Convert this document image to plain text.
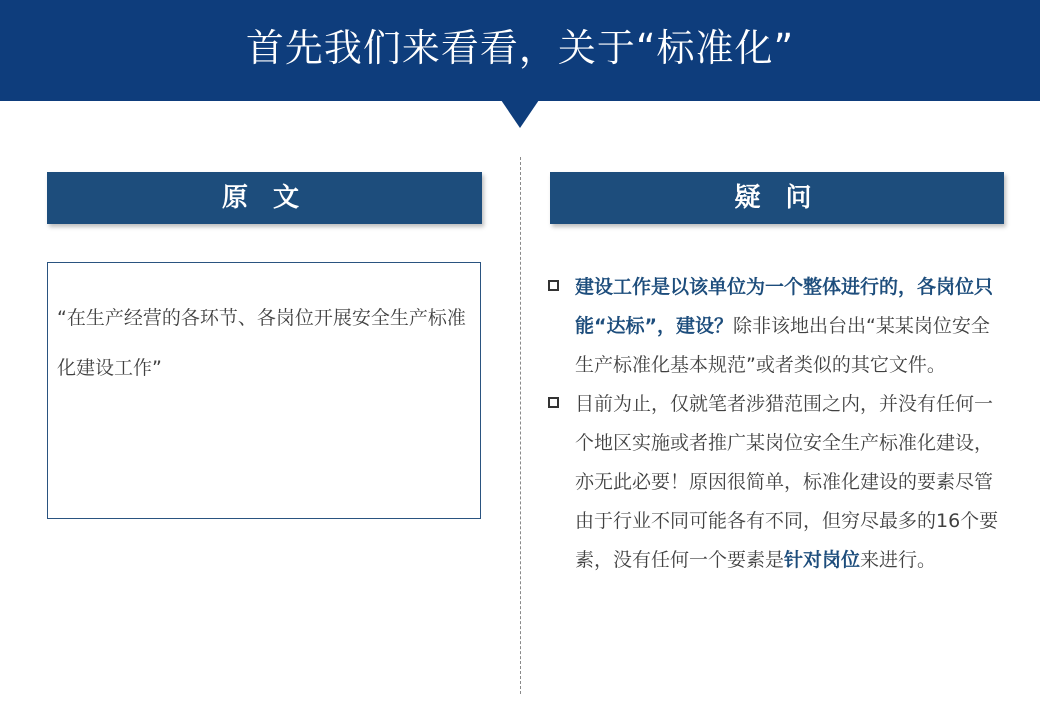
首先我们来看看，关于“标准化”
原 文	疑 问
“在生产经营的各环节、各岗位开展安全生产标准化建设工作”
建设工作是以该单位为一个整体进行的，各岗位只能“达标”，建设？除非该地出台出“某某岗位安全生产标准化基本规范”或者类似的其它文件。
目前为止，仅就笔者涉猎范围之内，并没有任何一个地区实施或者推广某岗位安全生产标准化建设，亦无此必要！原因很简单，标准化建设的要素尽管由于行业不同可能各有不同，但穷尽最多的16个要素，没有任何一个要素是针对岗位来进行。
